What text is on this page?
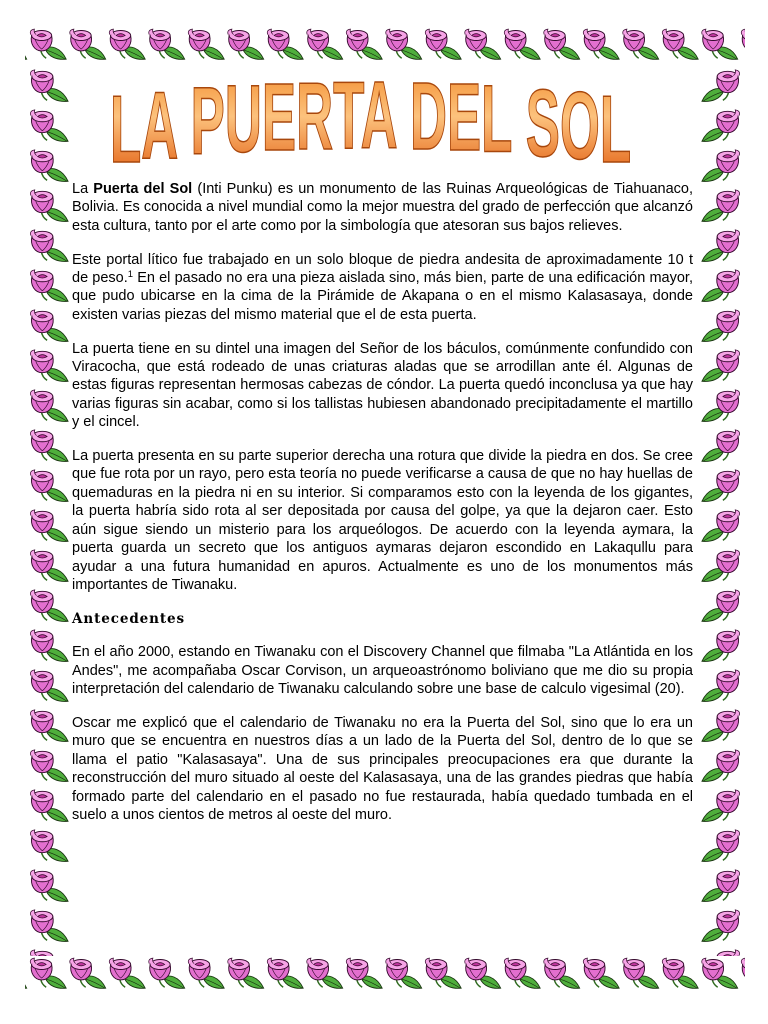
LA PUERTA DEL SOL

La Puerta del Sol (Inti Punku) es un monumento de las Ruinas Arqueológicas de Tiahuanaco, Bolivia. Es conocida a nivel mundial como la mejor muestra del grado de perfección que alcanzó esta cultura, tanto por el arte como por la simbología que atesoran sus bajos relieves.

Este portal lítico fue trabajado en un solo bloque de piedra andesita de aproximadamente 10 t de peso.$^1$ En el pasado no era una pieza aislada sino, más bien, parte de una edificación mayor, que pudo ubicarse en la cima de la Pirámide de Akapana o en el mismo Kalasasaya, donde existen varias piezas del mismo material que el de esta puerta.

La puerta tiene en su dintel una imagen del Señor de los báculos, comúnmente confundido con Viracocha, que está rodeado de unas criaturas aladas que se arrodillan ante él. Algunas de estas figuras representan hermosas cabezas de cóndor. La puerta quedó inconclusa ya que hay varias figuras sin acabar, como si los tallistas hubiesen abandonado precipitadamente el martillo y el cincel.

La puerta presenta en su parte superior derecha una rotura que divide la piedra en dos. Se cree que fue rota por un rayo, pero esta teoría no puede verificarse a causa de que no hay huellas de quemaduras en la piedra ni en su interior. Si comparamos esto con la leyenda de los gigantes, la puerta habría sido rota al ser depositada por causa del golpe, ya que la dejaron caer. Esto aún sigue siendo un misterio para los arqueólogos. De acuerdo con la leyenda aymara, la puerta guarda un secreto que los antiguos aymaras dejaron escondido en Lakaqullu para ayudar a una futura humanidad en apuros. Actualmente es uno de los monumentos más importantes de Tiwanaku.

Antecedentes

En el año 2000, estando en Tiwanaku con el Discovery Channel que filmaba "La Atlántida en los Andes", me acompañaba Oscar Corvison, un arqueoastrónomo boliviano que me dio su propia interpretación del calendario de Tiwanaku calculando sobre une base de calculo vigesimal (20).

Oscar me explicó que el calendario de Tiwanaku no era la Puerta del Sol, sino que lo era un muro que se encuentra en nuestros días a un lado de la Puerta del Sol, dentro de lo que se llama el patio "Kalasasaya". Una de sus principales preocupaciones era que durante la reconstrucción del muro situado al oeste del Kalasasaya, una de las grandes piedras que había formado parte del calendario en el pasado no fue restaurada, había quedado tumbada en el suelo a unos cientos de metros al oeste del muro.
